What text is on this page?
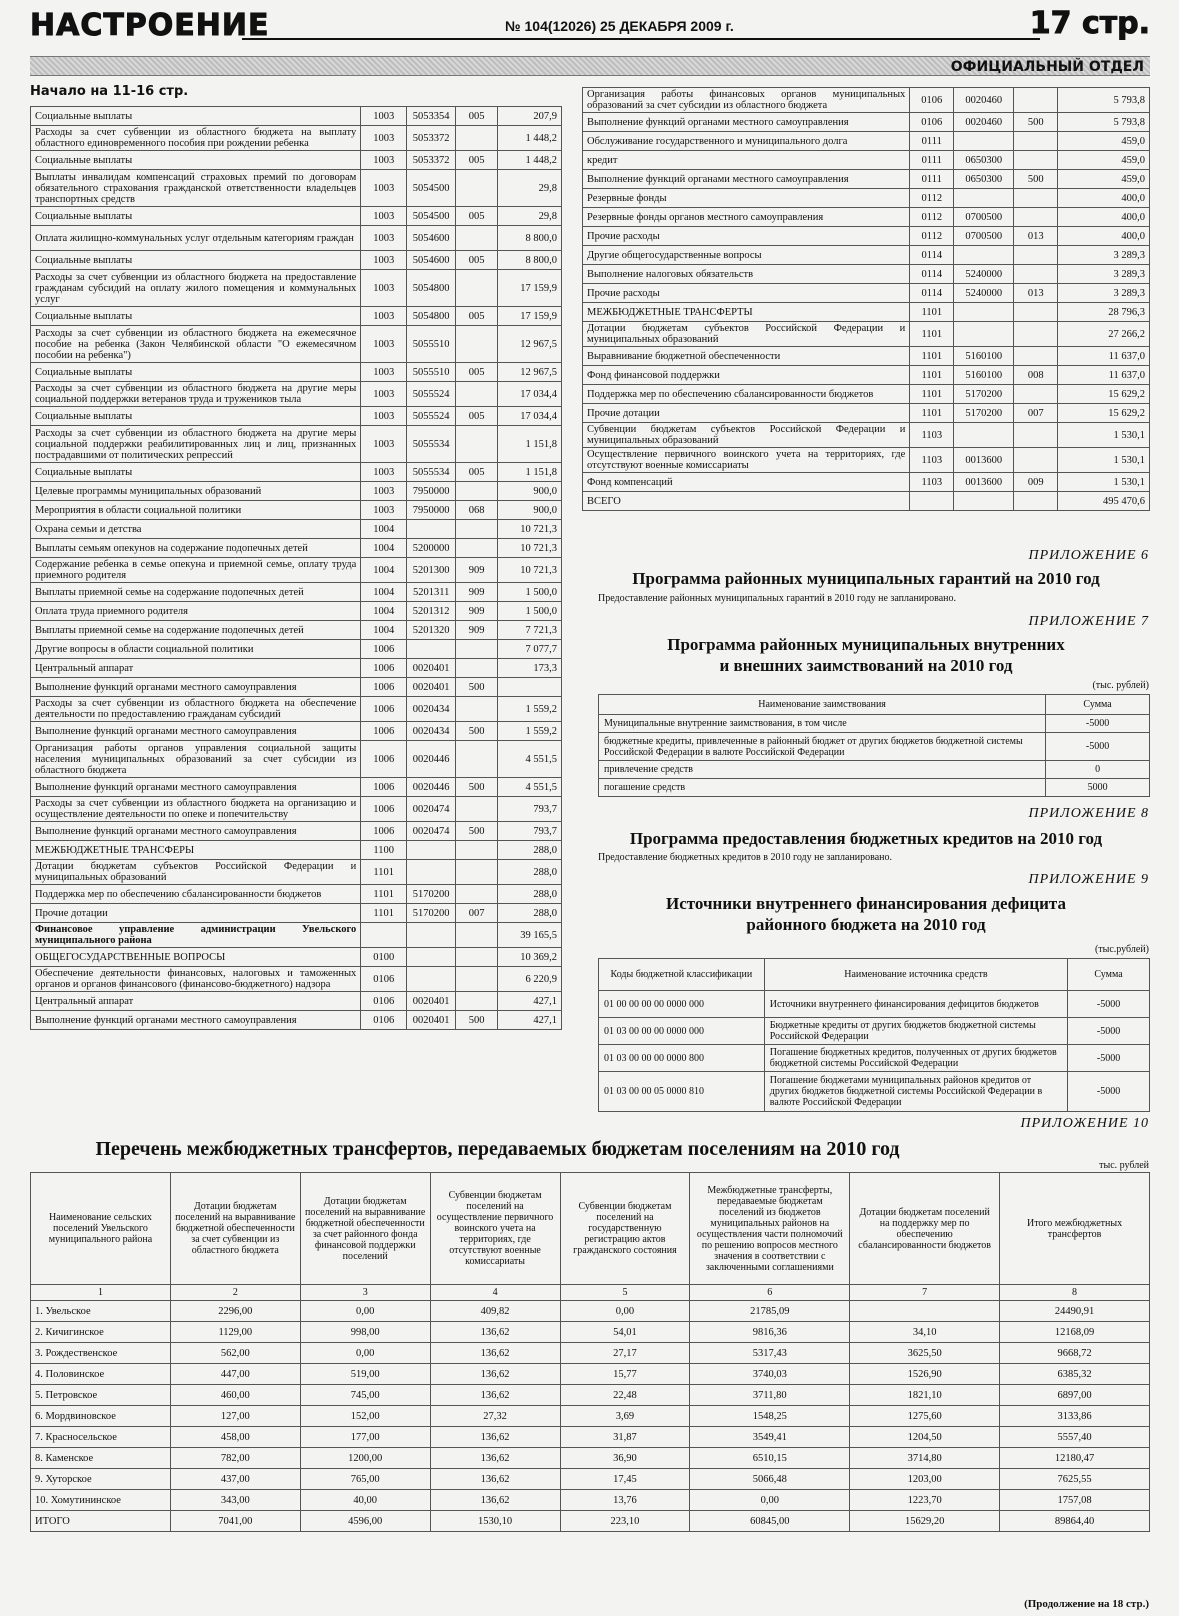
НАСТРОЕНИЕ	№ 104(12026) 25 ДЕКАБРЯ 2009 г.	17 стр.
ОФИЦИАЛЬНЫЙ ОТДЕЛ
Начало на 11-16 стр.
Социальные выплаты	1003	5053354	005	207,9
Расходы за счет субвенции из областного бюджета на выплату областного единовременного пособия при рождении ребенка	1003	5053372		1 448,2
Социальные выплаты	1003	5053372	005	1 448,2
Выплаты инвалидам компенсаций страховых премий по договорам обязательного страхования гражданской ответственности владельцев транспортных средств	1003	5054500		29,8
Социальные выплаты	1003	5054500	005	29,8
Оплата жилищно-коммунальных услуг отдельным категориям граждан	1003	5054600		8 800,0
Социальные выплаты	1003	5054600	005	8 800,0
Расходы за счет субвенции из областного бюджета на предоставление гражданам субсидий на оплату жилого помещения и коммунальных услуг	1003	5054800		17 159,9
Социальные выплаты	1003	5054800	005	17 159,9
Расходы за счет субвенции из областного бюджета на ежемесячное пособие на ребенка (Закон Челябинской области "О ежемесячном пособии на ребенка")	1003	5055510		12 967,5
Социальные выплаты	1003	5055510	005	12 967,5
Расходы за счет субвенции из областного бюджета на другие меры социальной поддержки ветеранов труда и тружеников тыла	1003	5055524		17 034,4
Социальные выплаты	1003	5055524	005	17 034,4
Расходы за счет субвенции из областного бюджета на другие меры социальной поддержки реабилитированных лиц и лиц, признанных пострадавшими от политических репрессий	1003	5055534		1 151,8
Социальные выплаты	1003	5055534	005	1 151,8
Целевые программы муниципальных образований	1003	7950000		900,0
Мероприятия в области социальной политики	1003	7950000	068	900,0
Охрана семьи и детства	1004			10 721,3
Выплаты семьям опекунов на содержание подопечных детей	1004	5200000		10 721,3
Содержание ребенка в семье опекуна и приемной семье, оплату труда приемного родителя	1004	5201300	909	10 721,3
Выплаты приемной семье на содержание подопечных детей	1004	5201311	909	1 500,0
Оплата труда приемного родителя	1004	5201312	909	1 500,0
Выплаты приемной семье на содержание подопечных детей	1004	5201320	909	7 721,3
Другие вопросы в области социальной политики	1006			7 077,7
Центральный аппарат	1006	0020401		173,3
Выполнение функций органами местного самоуправления	1006	0020401	500	
Расходы за счет субвенции из областного бюджета на обеспечение деятельности по предоставлению гражданам субсидий	1006	0020434		1 559,2
Выполнение функций органами местного самоуправления	1006	0020434	500	1 559,2
Организация работы органов управления социальной защиты населения муниципальных образований за счет субсидии из областного бюджета	1006	0020446		4 551,5
Выполнение функций органами местного самоуправления	1006	0020446	500	4 551,5
Расходы за счет субвенции из областного бюджета на организацию и осуществление деятельности по опеке и попечительству	1006	0020474		793,7
Выполнение функций органами местного самоуправления	1006	0020474	500	793,7
МЕЖБЮДЖЕТНЫЕ ТРАНСФЕРЫ	1100			288,0
Дотации бюджетам субъектов Российской Федерации и муниципальных образований	1101			288,0
Поддержка мер по обеспечению сбалансированности бюджетов	1101	5170200		288,0
Прочие дотации	1101	5170200	007	288,0
Финансовое управление администрации Увельского муниципального района				39 165,5
ОБЩЕГОСУДАРСТВЕННЫЕ ВОПРОСЫ	0100			10 369,2
Обеспечение деятельности финансовых, налоговых и таможенных органов и органов финансового (финансово-бюджетного) надзора	0106			6 220,9
Центральный аппарат	0106	0020401		427,1
Выполнение функций органами местного самоуправления	0106	0020401	500	427,1
Организация работы финансовых органов муниципальных образований за счет субсидии из областного бюджета	0106	0020460		5 793,8
Выполнение функций органами местного самоуправления	0106	0020460	500	5 793,8
Обслуживание государственного и муниципального долга	0111			459,0
кредит	0111	0650300		459,0
Выполнение функций органами местного самоуправления	0111	0650300	500	459,0
Резервные фонды	0112			400,0
Резервные фонды органов местного самоуправления	0112	0700500		400,0
Прочие расходы	0112	0700500	013	400,0
Другие общегосударственные вопросы	0114			3 289,3
Выполнение налоговых обязательств	0114	5240000		3 289,3
Прочие расходы	0114	5240000	013	3 289,3
МЕЖБЮДЖЕТНЫЕ ТРАНСФЕРТЫ	1101			28 796,3
Дотации бюджетам субъектов Российской Федерации и муниципальных образований	1101			27 266,2
Выравнивание бюджетной обеспеченности	1101	5160100		11 637,0
Фонд финансовой поддержки	1101	5160100	008	11 637,0
Поддержка мер по обеспечению сбалансированности бюджетов	1101	5170200		15 629,2
Прочие дотации	1101	5170200	007	15 629,2
Субвенции бюджетам субъектов Российской Федерации и муниципальных образований	1103			1 530,1
Осуществление первичного воинского учета на территориях, где отсутствуют военные комиссариаты	1103	0013600		1 530,1
Фонд компенсаций	1103	0013600	009	1 530,1
ВСЕГО				495 470,6
ПРИЛОЖЕНИЕ 6
Программа районных муниципальных гарантий на 2010 год
Предоставление районных муниципальных гарантий в 2010 году не запланировано.
ПРИЛОЖЕНИЕ 7
Программа районных муниципальных внутренних
и внешних заимствований на 2010 год
(тыс. рублей)
Наименование заимствования	Сумма
Муниципальные внутренние заимствования, в том числе	-5000
бюджетные кредиты, привлеченные в районный бюджет от других бюджетов бюджетной системы Российской Федерации в валюте Российской Федерации	-5000
привлечение средств	0
погашение средств	5000
ПРИЛОЖЕНИЕ 8
Программа предоставления бюджетных кредитов на 2010 год
Предоставление бюджетных кредитов в 2010 году не запланировано.
ПРИЛОЖЕНИЕ 9
Источники внутреннего финансирования дефицита
районного бюджета на 2010 год
(тыс.рублей)
Коды бюджетной классификации	Наименование источника средств	Сумма
01 00 00 00 00 0000 000	Источники внутреннего финансирования дефицитов бюджетов	-5000
01 03 00 00 00 0000 000	Бюджетные кредиты от других бюджетов бюджетной системы Российской Федерации	-5000
01 03 00 00 00 0000 800	Погашение бюджетных кредитов, полученных от других бюджетов бюджетной системы Российской Федерации	-5000
01 03 00 00 05 0000 810	Погашение бюджетами муниципальных районов кредитов от других бюджетов бюджетной системы Российской Федерации в валюте Российской Федерации	-5000
ПРИЛОЖЕНИЕ 10
Перечень межбюджетных трансфертов, передаваемых бюджетам поселениям на 2010 год
тыс. рублей
Наименование сельских поселений Увельского муниципального района	Дотации бюджетам поселений на выравнивание бюджетной обеспеченности за счет субвенции из областного бюджета	Дотации бюджетам поселений на выравнивание бюджетной обеспеченности за счет районного фонда финансовой поддержки поселений	Субвенции бюджетам поселений на осуществление первичного воинского учета на территориях, где отсутствуют военные комиссариаты	Субвенции бюджетам поселений на государственную регистрацию актов гражданского состояния	Межбюджетные трансферты, передаваемые бюджетам поселений из бюджетов муниципальных районов на осуществления части полномочий по решению вопросов местного значения в соответствии с заключенными соглашениями	Дотации бюджетам поселений на поддержку мер по обеспечению сбалансированности бюджетов	Итого межбюджетных трансфертов
1	2	3	4	5	6	7	8
1. Увельское	2296,00	0,00	409,82	0,00	21785,09		24490,91
2. Кичигинское	1129,00	998,00	136,62	54,01	9816,36	34,10	12168,09
3. Рождественское	562,00	0,00	136,62	27,17	5317,43	3625,50	9668,72
4. Половинское	447,00	519,00	136,62	15,77	3740,03	1526,90	6385,32
5. Петровское	460,00	745,00	136,62	22,48	3711,80	1821,10	6897,00
6. Мордвиновское	127,00	152,00	27,32	3,69	1548,25	1275,60	3133,86
7. Красносельское	458,00	177,00	136,62	31,87	3549,41	1204,50	5557,40
8. Каменское	782,00	1200,00	136,62	36,90	6510,15	3714,80	12180,47
9. Хуторское	437,00	765,00	136,62	17,45	5066,48	1203,00	7625,55
10. Хомутининское	343,00	40,00	136,62	13,76	0,00	1223,70	1757,08
ИТОГО	7041,00	4596,00	1530,10	223,10	60845,00	15629,20	89864,40
(Продолжение на 18 стр.)
